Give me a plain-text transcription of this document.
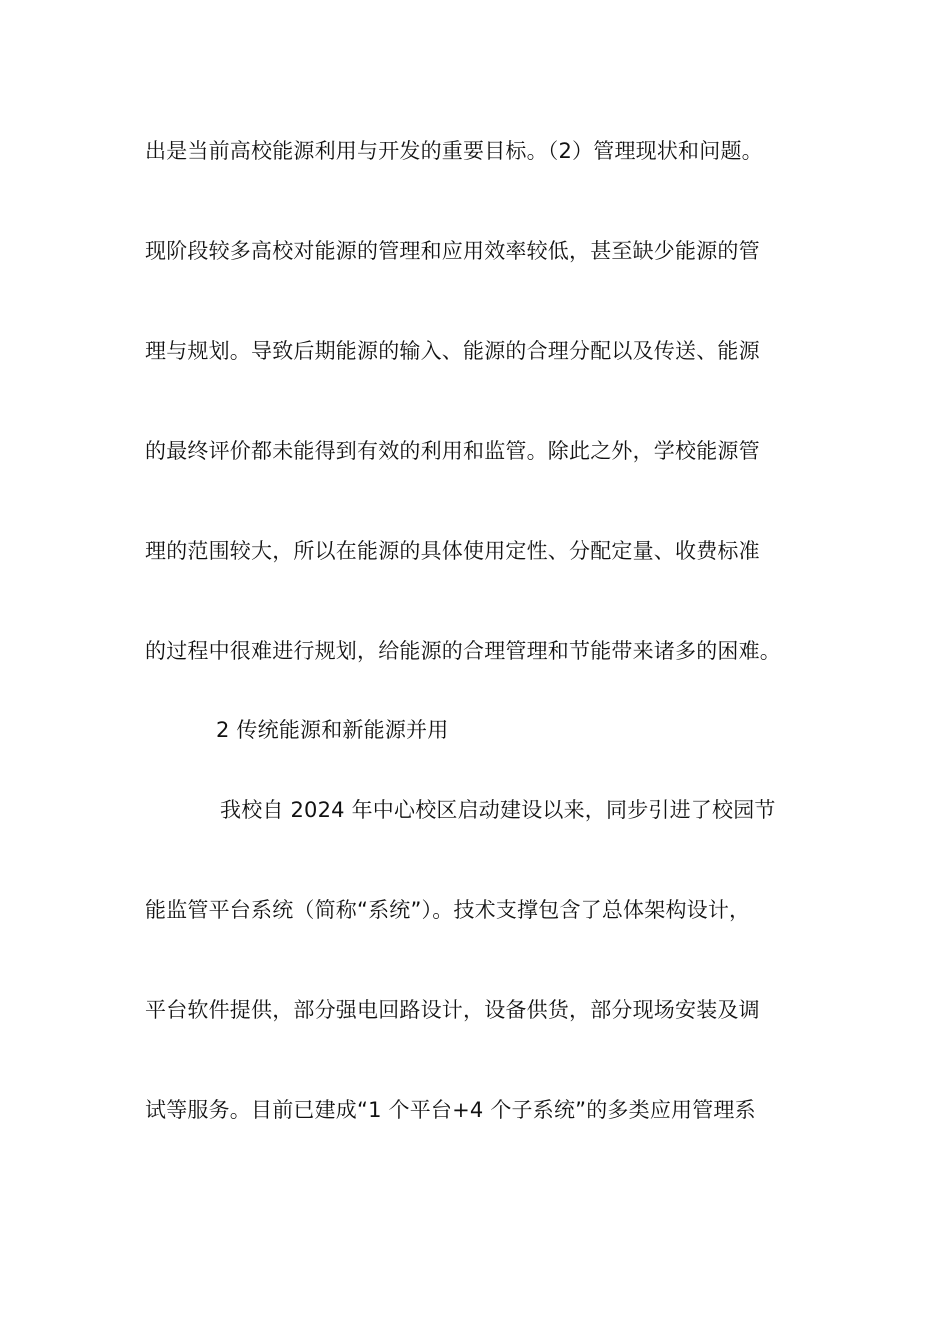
出是当前高校能源利用与开发的重要目标。（2）管理现状和问题。
现阶段较多高校对能源的管理和应用效率较低，甚至缺少能源的管
理与规划。导致后期能源的输入、能源的合理分配以及传送、能源
的最终评价都未能得到有效的利用和监管。除此之外，学校能源管
理的范围较大，所以在能源的具体使用定性、分配定量、收费标准
的过程中很难进行规划，给能源的合理管理和节能带来诸多的困难。
2 传统能源和新能源并用
我校自 2024 年中心校区启动建设以来，同步引进了校园节
能监管平台系统（简称“系统”）。技术支撑包含了总体架构设计，
平台软件提供，部分强电回路设计，设备供货，部分现场安装及调
试等服务。目前已建成“1 个平台+4 个子系统”的多类应用管理系
